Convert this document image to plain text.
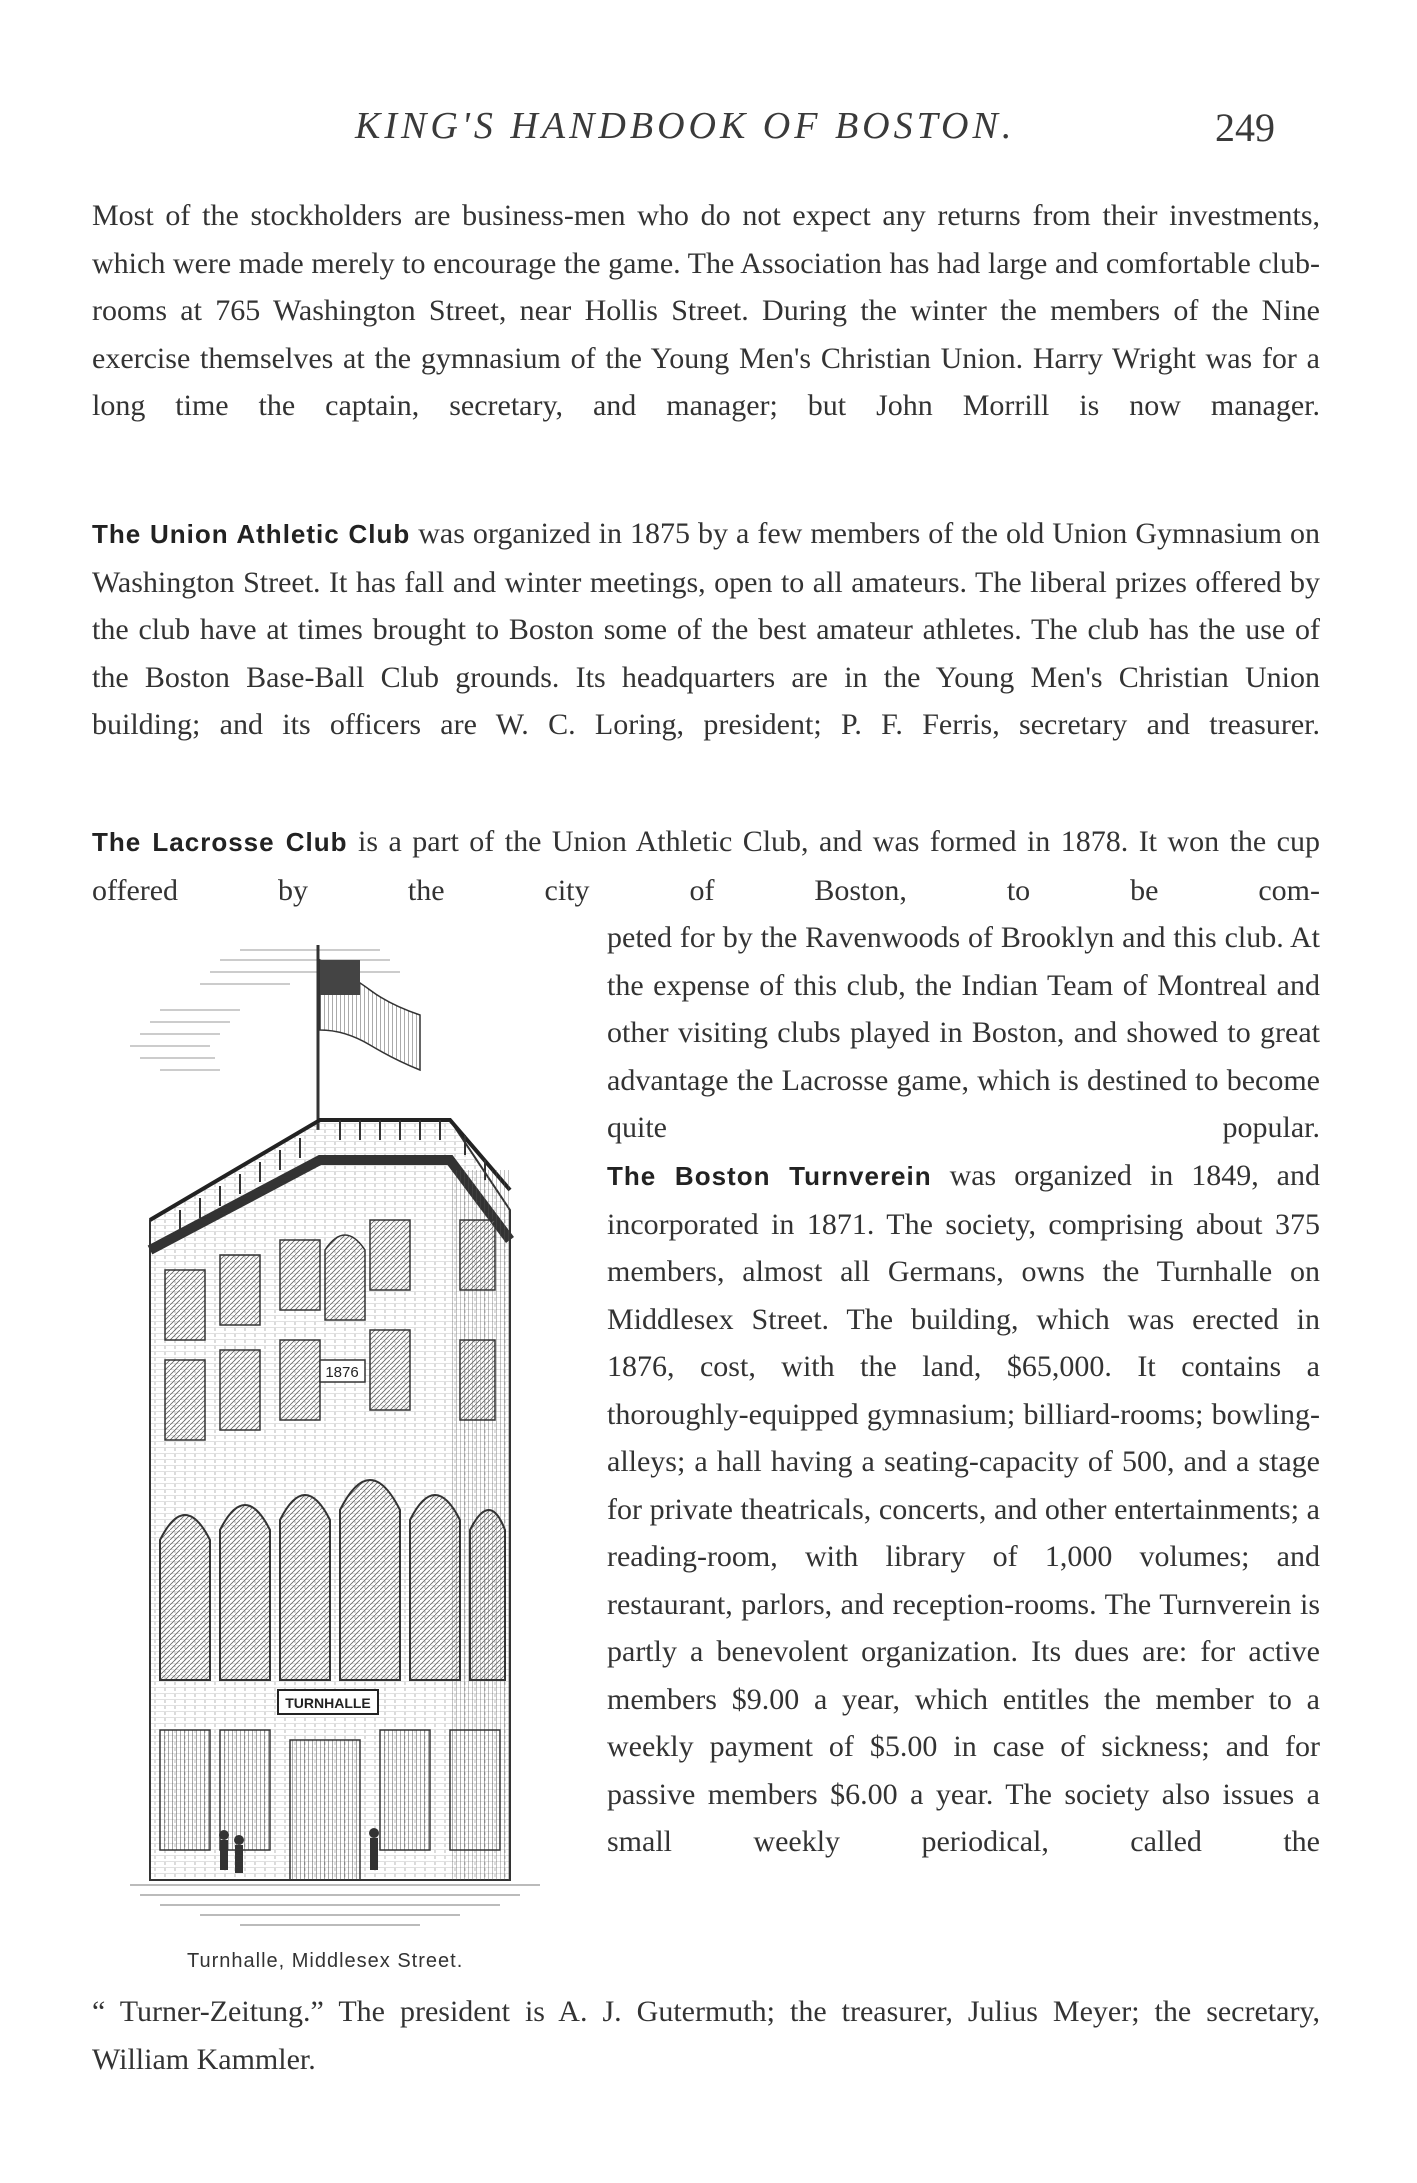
KING'S HANDBOOK OF BOSTON.	249

Most of the stockholders are business-men who do not expect any returns from their investments, which were made merely to encourage the game. The Association has had large and comfortable club-rooms at 765 Washington Street, near Hollis Street. During the winter the members of the Nine exercise themselves at the gymnasium of the Young Men's Christian Union. Harry Wright was for a long time the captain, secretary, and manager; but John Morrill is now manager.

The Union Athletic Club was organized in 1875 by a few members of the old Union Gymnasium on Washington Street. It has fall and winter meetings, open to all amateurs. The liberal prizes offered by the club have at times brought to Boston some of the best amateur athletes. The club has the use of the Boston Base-Ball Club grounds. Its headquarters are in the Young Men's Christian Union building; and its officers are W. C. Loring, president; P. F. Ferris, secretary and treasurer.

The Lacrosse Club is a part of the Union Athletic Club, and was formed in 1878. It won the cup offered by the city of Boston, to be com-

peted for by the Ravenwoods of Brooklyn and this club. At the expense of this club, the Indian Team of Montreal and other visiting clubs played in Boston, and showed to great advantage the Lacrosse game, which is destined to become quite popular.

The Boston Turnverein was organized in 1849, and incorporated in 1871. The society, comprising about 375 members, almost all Germans, owns the Turnhalle on Middlesex Street. The building, which was erected in 1876, cost, with the land, $65,000. It contains a thoroughly-equipped gymnasium; billiard-rooms; bowling-alleys; a hall having a seating-capacity of 500, and a stage for private theatricals, concerts, and other entertainments; a reading-room, with library of 1,000 volumes; and restaurant, parlors, and reception-rooms. The Turnverein is partly a benevolent organization. Its dues are: for active members $9.00 a year, which entitles the member to a weekly payment of $5.00 in case of sickness; and for passive members $6.00 a year. The society also issues a small weekly periodical, called the

“ Turner-Zeitung.” The president is A. J. Gutermuth; the treasurer, Julius Meyer; the secretary, William Kammler.

1876
TURNHALLE
Turnhalle, Middlesex Street.
